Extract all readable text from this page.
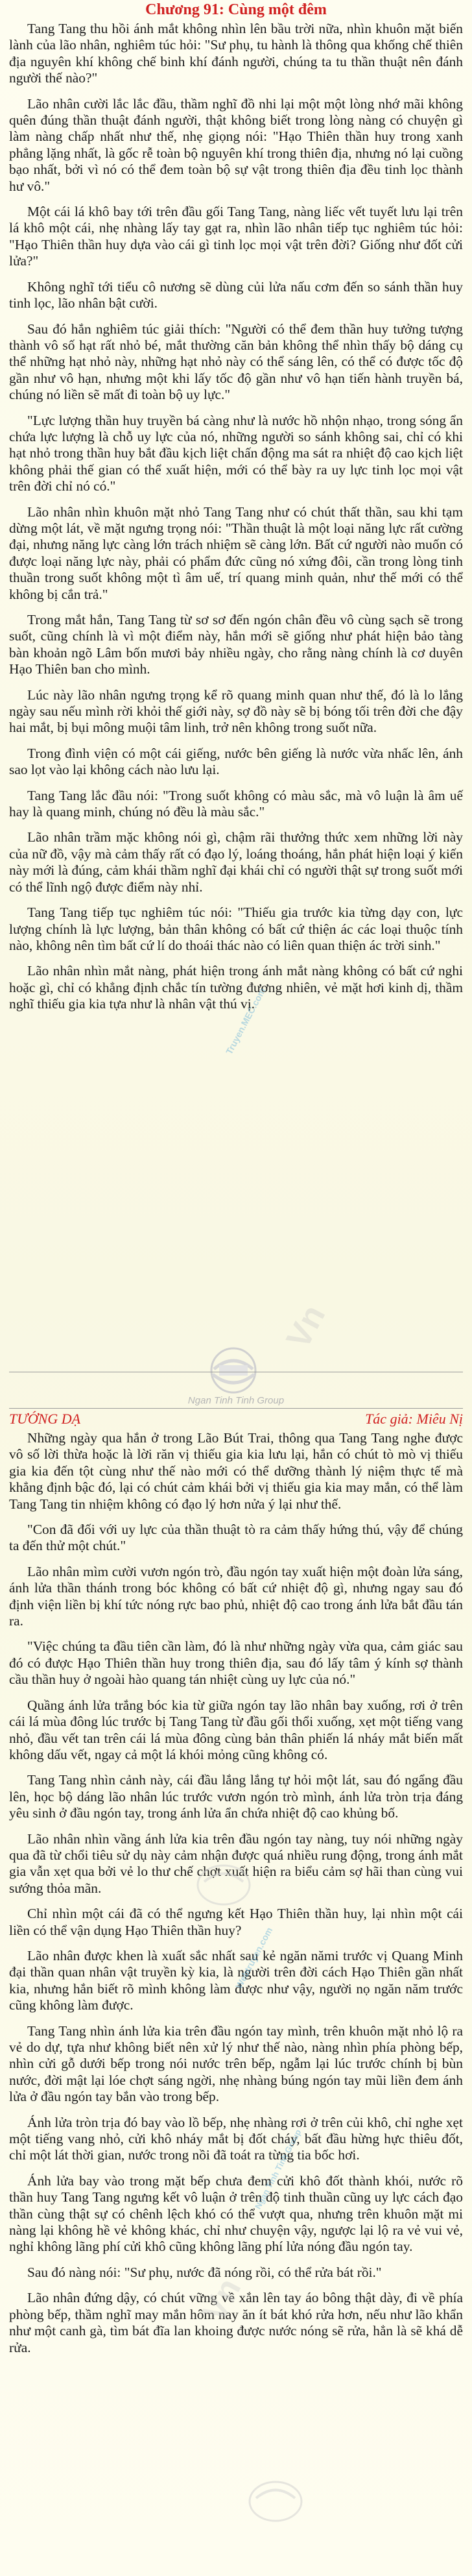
Chương 91: Cùng một đêm

Tang Tang thu hồi ánh mắt không nhìn lên bầu trời nữa, nhìn khuôn mặt biến lành của lão nhân, nghiêm túc hỏi: "Sư phụ, tu hành là thông qua khống chế thiên địa nguyên khí không chế binh khí đánh người, chúng ta tu thần thuật nên đánh người thế nào?"

Lão nhân cười lắc lắc đầu, thầm nghĩ đồ nhi lại một một lòng nhớ mãi không quên đúng thần thuật đánh người, thật không biết trong lòng nàng có chuyện gì làm nàng chấp nhất như thế, nhẹ giọng nói: "Hạo Thiên thần huy trong xanh phẳng lặng nhất, là gốc rễ toàn bộ nguyên khí trong thiên địa, nhưng nó lại cuồng bạo nhất, bởi vì nó có thể đem toàn bộ sự vật trong thiên địa đều tinh lọc thành hư vô."

Một cái lá khô bay tới trên đầu gối Tang Tang, nàng liếc vết tuyết lưu lại trên lá khô một cái, nhẹ nhàng lấy tay gạt ra, nhìn lão nhân tiếp tục nghiêm túc hỏi: "Hạo Thiên thần huy dựa vào cái gì tinh lọc mọi vật trên đời? Giống như đốt cửi lửa?"

Không nghĩ tới tiểu cô nương sẽ dùng củi lửa nấu cơm đến so sánh thần huy tinh lọc, lão nhân bật cười.

Sau đó hắn nghiêm túc giải thích: "Người có thể đem thần huy tưởng tượng thành vô số hạt rất nhỏ bé, mắt thường căn bản không thể nhìn thấy bộ dáng cụ thể những hạt nhỏ này, những hạt nhỏ này có thể sáng lên, có thể có được tốc độ gần như vô hạn, nhưng một khi lấy tốc độ gần như vô hạn tiến hành truyền bá, chúng nó liền sẽ mất đi toàn bộ uy lực."

"Lực lượng thần huy truyền bá càng như là nước hồ nhộn nhạo, trong sóng ẩn chứa lực lượng là chỗ uy lực của nó, những người so sánh không sai, chỉ có khi hạt nhỏ trong thần huy bắt đầu kịch liệt chấn động ma sát ra nhiệt độ cao kịch liệt không phải thế gian có thể xuất hiện, mới có thể bày ra uy lực tinh lọc mọi vật trên đời chỉ nó có."

Lão nhân nhìn khuôn mặt nhỏ Tang Tang như có chút thất thần, sau khi tạm dừng một lát, về mặt ngưng trọng nói: "Thần thuật là một loại năng lực rất cường đại, nhưng năng lực càng lớn trách nhiệm sẽ càng lớn. Bất cứ người nào muốn có được loại năng lực này, phải có phẩm đức cũng nó xứng đôi, cần trong lòng tinh thuần trong suốt không một tì âm uế, trí quang minh quản, như thế mới có thể không bị cắn trả."

Trong mắt hắn, Tang Tang từ sơ sơ đến ngón chân đều vô cùng sạch sẽ trong suốt, cũng chính là vì một điểm này, hắn mới sẽ giống như phát hiện bảo tàng bàn khoản ngõ Lâm bốn mươi bảy nhiều ngày, cho rằng nàng chính là cơ duyên Hạo Thiên ban cho mình.

Lúc này lão nhân ngưng trọng kể rõ quang minh quan như thế, đó là lo lắng ngày sau nếu mình rời khỏi thế giới này, sợ đồ này sẽ bị bóng tối trên đời che đậy hai mắt, bị bụi mông muội tâm linh, trở nên không trong suốt nữa.

Trong đình viện có một cái giếng, nước bên giếng là nước vừa nhấc lên, ánh sao lọt vào lại không cách nào lưu lại.

Tang Tang lắc đầu nói: "Trong suốt không có màu sắc, mà vô luận là âm uế hay là quang minh, chúng nó đều là màu sắc."

Lão nhân trầm mặc không nói gì, chậm rãi thưởng thức xem những lời này của nữ đồ, vậy mà cảm thấy rất có đạo lý, loáng thoáng, hắn phát hiện loại ý kiến này mới là đúng, cảm khái thầm nghĩ đại khái chỉ có người thật sự trong suốt mới có thể lĩnh ngộ được điểm này nhỉ.

Tang Tang tiếp tục nghiêm túc nói: "Thiếu gia trước kia từng dạy con, lực lượng chính là lực lượng, bản thân không có bất cứ thiện ác các loại thuộc tính nào, không nên tìm bất cứ lí do thoái thác nào có liên quan thiện ác trời sinh."

Lão nhân nhìn mắt nàng, phát hiện trong ánh mắt nàng không có bất cứ nghi hoặc gì, chỉ có khẳng định chắc tín tường đương nhiên, vẻ mặt hơi kinh dị, thầm nghĩ thiếu gia kia tựa như là nhân vật thú vị.

Ngan Tinh Tinh Group
TƯỚNG DẠ	Tác giả: Miêu Nị

Những ngày qua hắn ở trong Lão Bút Trai, thông qua Tang Tang nghe được vô số lời thừa hoặc là lời răn vị thiếu gia kia lưu lại, hắn có chút tò mò vị thiếu gia kia đến tột cùng như thế nào mới có thể dưỡng thành lý niệm thực tế mà khẳng định bậc đó, lại có chút cảm khái bởi vị thiếu gia kia may mắn, có thể làm Tang Tang tin nhiệm không có đạo lý hơn nửa ý lại như thế.

"Con đã đối với uy lực của thần thuật tò ra cảm thấy hứng thú, vậy để chúng ta đến thử một chút."

Lão nhân mìm cười vươn ngón trò, đầu ngón tay xuất hiện một đoàn lửa sáng, ánh lửa thần thánh trong bóc không có bất cứ nhiệt độ gì, nhưng ngay sau đó định viện liền bị khí tức nóng rực bao phủ, nhiệt độ cao trong ánh lửa bắt đầu tán ra.

"Việc chúng ta đầu tiên cần làm, đó là như những ngày vừa qua, cảm giác sau đó có được Hạo Thiên thần huy trong thiên địa, sau đó lấy tâm ý kính sợ thành cầu thần huy ở ngoài hào quang tán nhiệt cùng uy lực của nó."

Quầng ánh lửa trắng bóc kia từ giữa ngón tay lão nhân bay xuống, rơi ở trên cái lá mùa đông lúc trước bị Tang Tang từ đầu gối thổi xuống, xẹt một tiếng vang nhỏ, đầu vết tan trên cái lá mùa đông cùng bản thân phiến lá nháy mắt biến mất không dấu vết, ngay cả một lá khói mỏng cũng không có.

Tang Tang nhìn cảnh này, cái đầu lắng lắng tự hỏi một lát, sau đó ngẩng đầu lên, học bộ dáng lão nhân lúc trước vươn ngón trò mình, ánh lửa tròn trịa đáng yêu sinh ở đầu ngón tay, trong ánh lửa ẩn chứa nhiệt độ cao khủng bố.

Lão nhân nhìn vầng ánh lửa kia trên đầu ngón tay nàng, tuy nói những ngày qua đã từ chổi tiêu sử dụ này cảm nhận được quá nhiều rung động, trong ánh mắt gia vẫn xẹt qua bởi vẻ lo thư chế chợt xuất hiện ra biểu cảm sợ hãi than cùng vui sướng thỏa mãn.

Chỉ nhìn một cái đã có thể ngưng kết Hạo Thiên thần huy, lại nhìn một cái liền có thể vận dụng Hạo Thiên thần huy?

Lão nhân được khen là xuất sắc nhất sau kẻ ngăn nămi trước vị Quang Minh đại thần quan nhân vật truyền kỳ kia, là người trên đời cách Hạo Thiên gần nhất kia, nhưng hắn biết rõ mình không làm được như vậy, người nọ ngăn năm trước cũng không làm được.

Tang Tang nhìn ánh lửa kia trên đầu ngón tay mình, trên khuôn mặt nhỏ lộ ra vẻ do dự, tựa như không biết nên xử lý như thế nào, nàng nhìn phía phòng bếp, nhìn cửi gỗ dưới bếp trong nói nước trên bếp, ngẫm lại lúc trước chính bị bùn nước, đời mật lại lóe chợt sáng ngời, nhẹ nhàng búng ngón tay mũi liền đem ánh lửa ở đầu ngón tay bắn vào trong bếp.

Ánh lửa tròn trịa đó bay vào lồ bếp, nhẹ nhàng rơi ở trên củi khô, chỉ nghe xẹt một tiếng vang nhỏ, cửi khô nháy mắt bị đốt cháy, bất đầu hừng hực thiêu đốt, chỉ một lát thời gian, nước trong nồi đã toát ra từng tia bốc hơi.

Ánh lửa bay vào trong mặt bếp chưa đem cửi khô đốt thành khói, nước rõ thần huy Tang Tang ngưng kết vô luận ở trên độ tinh thuần cũng uy lực cách đạo thần cùng thật sự có chênh lệch khó có thể vượt qua, nhưng trên khuôn mặt mi nàng lại không hề vẻ không khác, chỉ như chuyện vậy, ngược lại lộ ra vẻ vui vẻ, nghỉ không lãng phí cửi khô cũng không lãng phí lửa nóng đầu ngón tay.

Sau đó nàng nói: "Sư phụ, nước đã nóng rồi, có thể rửa bát rồi."

Lão nhân đứng dậy, có chút vững về xắn lên tay áo bông thật dày, đi về phía phòng bếp, thầm nghĩ may mắn hôm nay ăn ít bát khó rửa hơn, nếu như lão khẩn như một canh gà, tìm bát đĩa lan khoing được nước nóng sẽ rửa, hẳn là sẽ khá dễ rửa.

Vn
Vn
Truyen.MEC.com
Webtruyen.com
Ngan Tinh Tinh Group
